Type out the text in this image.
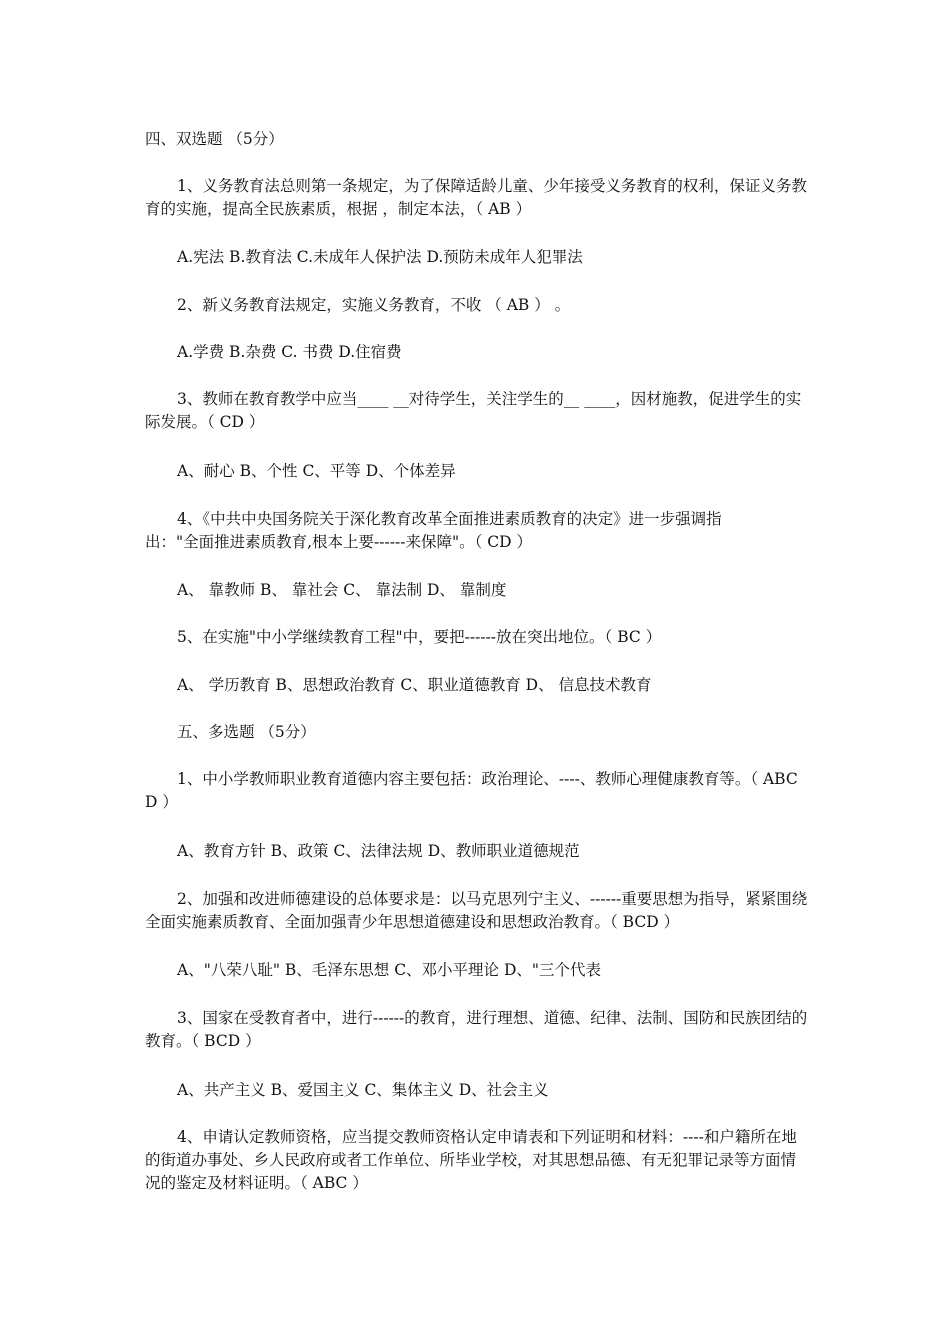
四、双选题 （5分）

1、义务教育法总则第一条规定，为了保障适龄儿童、少年接受义务教育的权利，保证义务教育的实施，提高全民族素质，根据 ，制定本法，（ AB ）

A.宪法 B.教育法 C.未成年人保护法 D.预防未成年人犯罪法

2、新义务教育法规定，实施义务教育，不收 （ AB ） 。

A.学费 B.杂费 C. 书费 D.住宿费

3、教师在教育教学中应当____ __对待学生，关注学生的__ ____，因材施教，促进学生的实际发展。（ CD ）

A、耐心 B、个性 C、平等 D、个体差异

4、《中共中央国务院关于深化教育改革全面推进素质教育的决定》进一步强调指

出："全面推进素质教育,根本上要------来保障"。（ CD ）

A、 靠教师 B、 靠社会 C、 靠法制 D、 靠制度

5、在实施"中小学继续教育工程"中，要把------放在突出地位。（ BC ）

A、 学历教育 B、思想政治教育 C、职业道德教育 D、 信息技术教育

五、多选题 （5分）

1、中小学教师职业教育道德内容主要包括：政治理论、----、教师心理健康教育等。（ ABCD ）

A、教育方针 B、政策 C、法律法规 D、教师职业道德规范

2、加强和改进师德建设的总体要求是：以马克思列宁主义、------重要思想为指导，紧紧围绕全面实施素质教育、全面加强青少年思想道德建设和思想政治教育。（ BCD ）

A、"八荣八耻" B、毛泽东思想 C、邓小平理论 D、"三个代表

3、国家在受教育者中，进行------的教育，进行理想、道德、纪律、法制、国防和民族团结的教育。（ BCD ）

A、共产主义 B、爱国主义 C、集体主义 D、社会主义

4、申请认定教师资格，应当提交教师资格认定申请表和下列证明和材料：----和户籍所在地的街道办事处、乡人民政府或者工作单位、所毕业学校，对其思想品德、有无犯罪记录等方面情况的鉴定及材料证明。（ ABC ）
